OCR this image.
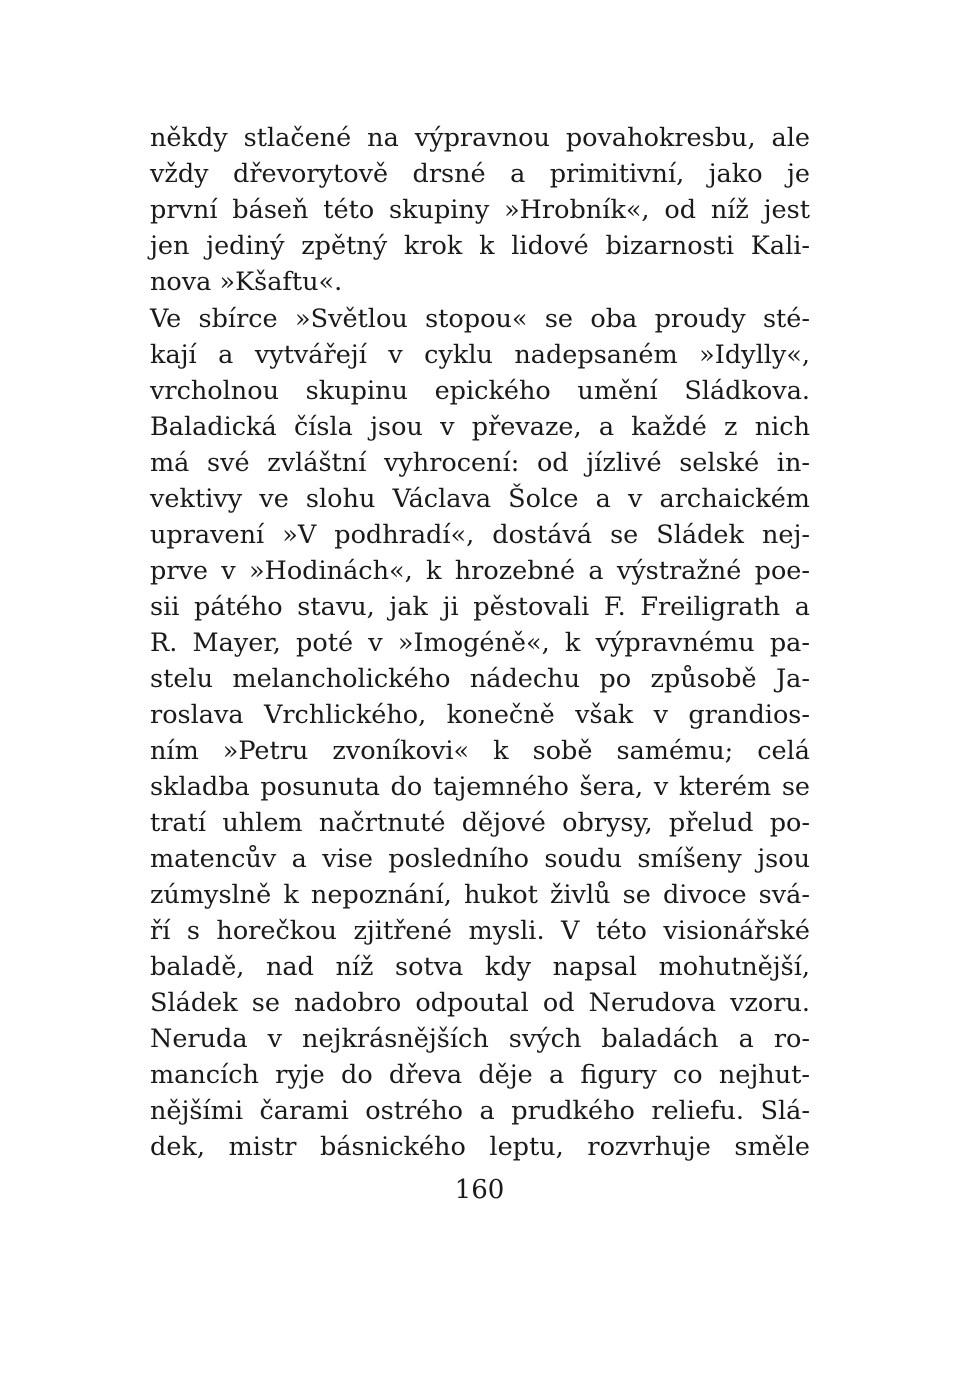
někdy stlačené na výpravnou povahokresbu, ale
vždy dřevorytově drsné a primitivní, jako je
první báseň této skupiny »Hrobník«, od níž jest
jen jediný zpětný krok k lidové bizarnosti Kali-
nova »Kšaftu«.
Ve sbírce »Světlou stopou« se oba proudy sté-
kají a vytvářejí v cyklu nadepsaném »Idylly«,
vrcholnou skupinu epického umění Sládkova.
Baladická čísla jsou v převaze, a každé z nich
má své zvláštní vyhrocení: od jízlivé selské in-
vektivy ve slohu Václava Šolce a v archaickém
upravení »V podhradí«, dostává se Sládek nej-
prve v »Hodinách«, k hrozebné a výstražné poe-
sii pátého stavu, jak ji pěstovali F. Freiligrath a
R. Mayer, poté v »Imogéně«, k výpravnému pa-
stelu melancholického nádechu po způsobě Ja-
roslava Vrchlického, konečně však v grandios-
ním »Petru zvoníkovi« k sobě samému; celá
skladba posunuta do tajemného šera, v kterém se
tratí uhlem načrtnuté dějové obrysy, přelud po-
matencův a vise posledního soudu smíšeny jsou
zúmyslně k nepoznání, hukot živlů se divoce svá-
ří s horečkou zjitřené mysli. V této visionářské
baladě, nad níž sotva kdy napsal mohutnější,
Sládek se nadobro odpoutal od Nerudova vzoru.
Neruda v nejkrásnějších svých baladách a ro-
mancích ryje do dřeva děje a figury co nejhut-
nějšími čarami ostrého a prudkého reliefu. Slá-
dek, mistr básnického leptu, rozvrhuje směle
160
